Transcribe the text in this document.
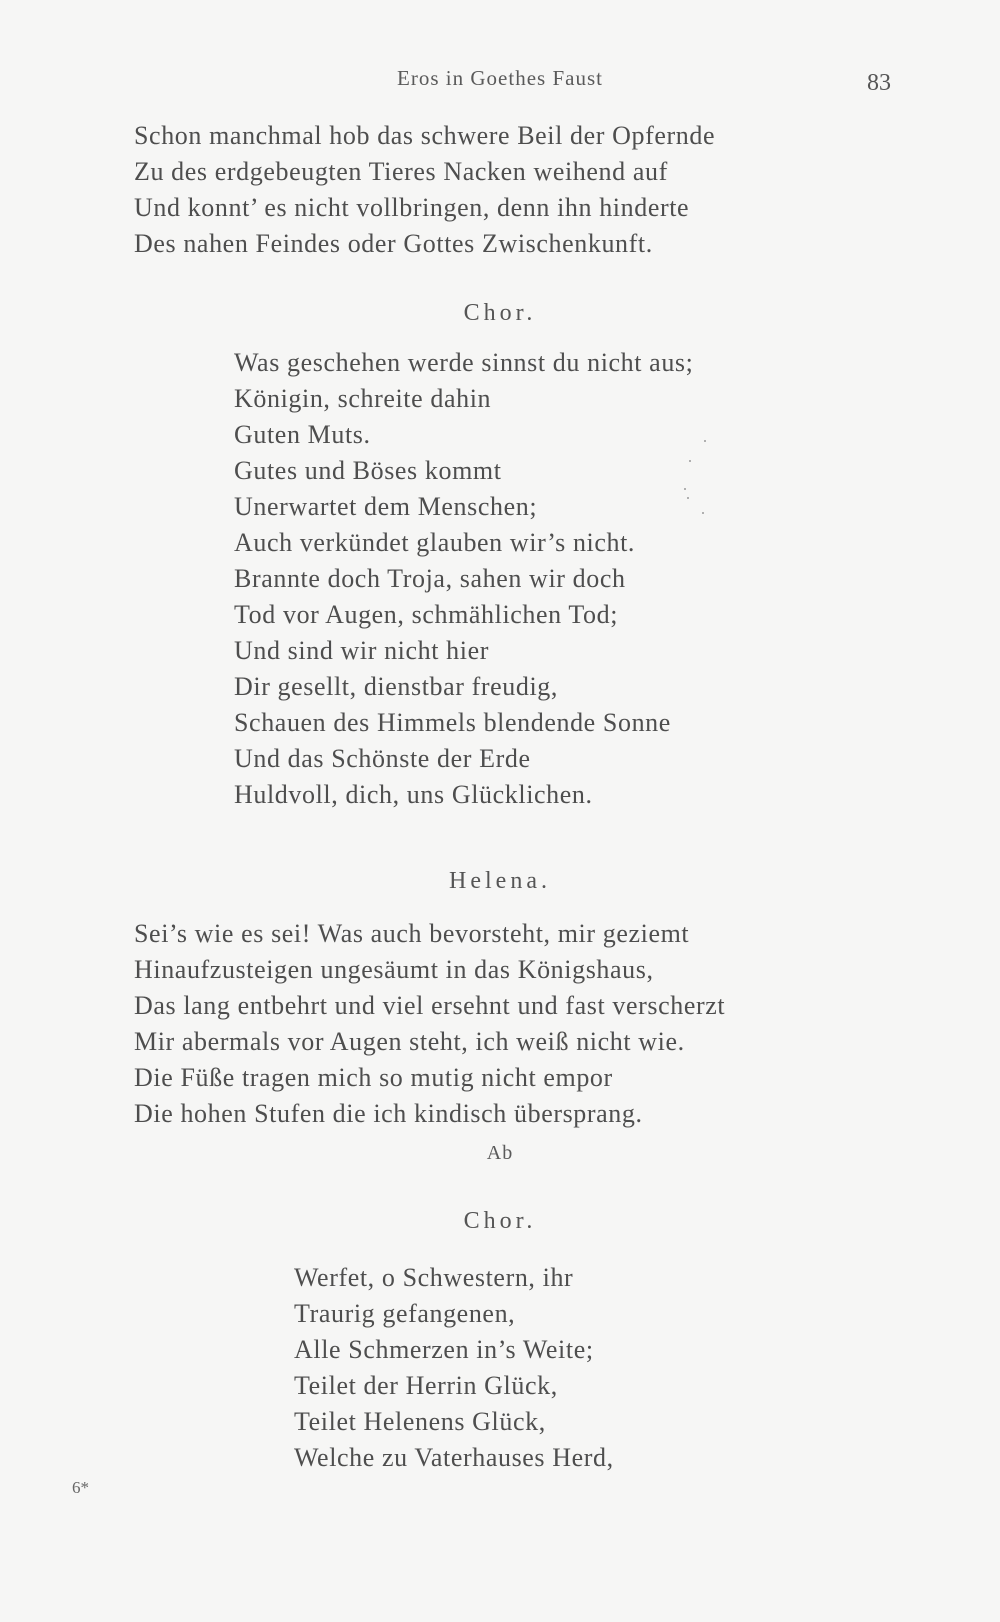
Eros in Goethes Faust	83
Schon manchmal hob das schwere Beil der Opfernde
Zu des erdgebeugten Tieres Nacken weihend auf
Und konnt’ es nicht vollbringen, denn ihn hinderte
Des nahen Feindes oder Gottes Zwischenkunft.
Chor.
Was geschehen werde sinnst du nicht aus;
Königin, schreite dahin
Guten Muts.
Gutes und Böses kommt
Unerwartet dem Menschen;
Auch verkündet glauben wir’s nicht.
Brannte doch Troja, sahen wir doch
Tod vor Augen, schmählichen Tod;
Und sind wir nicht hier
Dir gesellt, dienstbar freudig,
Schauen des Himmels blendende Sonne
Und das Schönste der Erde
Huldvoll, dich, uns Glücklichen.
Helena.
Sei’s wie es sei! Was auch bevorsteht, mir geziemt
Hinaufzusteigen ungesäumt in das Königshaus,
Das lang entbehrt und viel ersehnt und fast verscherzt
Mir abermals vor Augen steht, ich weiß nicht wie.
Die Füße tragen mich so mutig nicht empor
Die hohen Stufen die ich kindisch übersprang.
Ab
Chor.
Werfet, o Schwestern, ihr
Traurig gefangenen,
Alle Schmerzen in’s Weite;
Teilet der Herrin Glück,
Teilet Helenens Glück,
Welche zu Vaterhauses Herd,
6*
